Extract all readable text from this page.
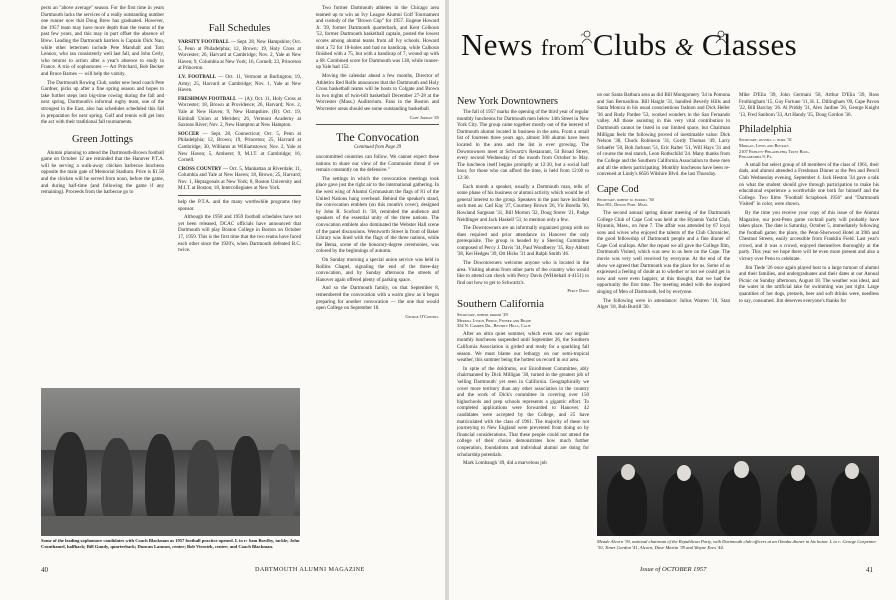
pects an "above average" season. For the first time in years Dartmouth lacks the services of a really outstanding number one runner now that Doug Brew has graduated. However, the 1957 team may have more depth than the teams of the past few years, and this may in part offset the absence of Brew. Leading the Dartmouth harriers is Captain Dick Nau, while other lettermen include Pete Marshall and Tom Lennox, who ran consistently well last fall, and John Cerly, who returns to action after a year's absence to study in France. A trio of sophomores — Art Pritchard, Bob Becker and Bruce Barnes — will help the varsity.

The Dartmouth Rowing Club, under new head coach Pete Gardner, picks up after a fine spring season and hopes to take further steps into big-time rowing during the fall and next spring. Dartmouth's informal rugby team, one of the strongest in the East, also has schedules scheduled this fall in preparation for next spring. Golf and tennis will get into the act with their traditional fall tournaments.

Green Jottings

Alumni planning to attend the Dartmouth-Brown football game on October 12 are reminded that the Hanover P.T.A. will be serving a walk-away chicken barbecue luncheon opposite the main gate of Memorial Stadium. Price is $1.50 and the chicken will be served from noon, before the game, and during half-time (and following the game if any remaining). Proceeds from the barbecue go to

Fall Schedules

VARSITY FOOTBALL — Sept. 28, New Hampshire; Oct. 5, Penn at Philadelphia; 12, Brown; 19, Holy Cross at Worcester; 26, Harvard at Cambridge; Nov. 2, Yale at New Haven; 9, Columbia at New York; 16, Cornell; 23, Princeton at Princeton.

J.V. FOOTBALL — Oct. 11, Vermont at Burlington; 19, Army; 25, Harvard at Cambridge; Nov. 1, Yale at New Haven.

FRESHMAN FOOTBALL — (A): Oct. 11, Holy Cross at Worcester; 18, Brown at Providence; 26, Harvard; Nov. 2, Yale at New Haven; 9, New Hampshire. (B): Oct. 19, Kimball Union at Meriden; 26, Vermont Academy at Saxtons River; Nov. 2, New Hampton at New Hampton.

SOCCER — Sept. 28, Connecticut; Oct. 5, Penn at Philadelphia; 12, Brown; 19, Princeton; 25, Harvard at Cambridge; 30, Williams at Williamstown; Nov. 2, Yale at New Haven; 5, Amherst; 9, M.I.T. at Cambridge; 16, Cornell.

CROSS COUNTRY — Oct. 5, Manhattan at Riverdale; 11, Columbia and Yale at New Haven; 18, Brown; 25, Harvard; Nov. 1, Heptagonals at New York; 8, Boston University and M.I.T. at Boston; 18, Intercollegiates at New York.

help the P.T.A. and the many worthwhile programs they sponsor.

Although the 1958 and 1959 football schedules have not yet been released, DCAC officials have announced that Dartmouth will play Boston College in Boston on October 17, 1959. This is the first time that the two teams have faced each other since the 1920's, when Dartmouth defeated B.C. twice.

Two former Dartmouth athletes in the Chicago area teamed up to win an Ivy League Alumni Golf Tournament and custody of the "Brown Cup" for 1957. Eugene Howard Jr. '39, former Dartmouth quarterback, and Kent Colhoun '52, former Dartmouth basketball captain, posted the lowest scores among alumni teams from all Ivy schools. Howard shot a 72 for 18-holes and had no handicap, while Calhoun finished with a 75, but with a handicap of 7, wound up with a 68. Combined score for Dartmouth was 138, while runner-up Yale had 152.

Moving the calendar ahead a few months, Director of Athletics Red Rolfe announces that the Dartmouth and Holy Cross basketball teams will be hosts to Colgate and Brown in two nights of twin-bill basketball December 27-28 at the Worcester (Mass.) Auditorium. Fans in the Boston and Worcester areas should see some outstanding basketball.

Cliff Jordan '45
The Convocation
Continued from Page 29

uncommitted countries can follow. We cannot expect these nations to share our view of the Communist threat if we remain constantly on the defensive."

The settings in which the convocation meetings took place gave just the right air to the international gathering. In the west wing of Alumni Gymnasium the flags of 81 of the United Nations hung overhead. Behind the speaker's stand, the convocation emblem (on this month's cover), designed by John R. Scoford Jr. '38, reminded the audience and speakers of the essential unity of the three nations. The convocation emblem also dominated the Webster Hall scene of the panel discussions. Wentworth Street in front of Baker Library was lined with the flags of the three nations, while the Bema, scene of the honorary-degree ceremonies, was colored by the beginnings of autumn.

On Sunday morning a special union service was held in Rollins Chapel, signaling the end of the three-day convocation, and by Sunday afternoon the streets of Hanover again offered plenty of parking space.

And so the Dartmouth family, on that September 8, remembered the convocation with a warm glow as it began preparing for another convocation — the one that would open College on September 18.

George O'Connell
Some of the leading sophomore candidates with Coach Blackman as 1957 football practice opened. L to r: Sam Bowlby, tackle; John Crouthamel, halfback; Bill Gundy, quarterback; Duncan Lamson, center; Bob Virostek, center; and Coach Blackman.
40	DARTMOUTH ALUMNI MAGAZINE
News from Clubs & Classes
New York Downtowners

The fall of 1957 marks the opening of the third year of regular monthly luncheons for Dartmouth men below 14th Street in New York City. The group came together mostly out of the interest of Dartmouth alumni located in business in the area. From a small list of fourteen three years ago, almost 300 alumni have been located in the area and the list is ever growing. The Downtowners meet at Schwartz's Restaurant, 54 Broad Street, every second Wednesday of the month from October to May. The luncheon itself begins promptly at 12:30, but a social half hour, for those who can afford the time, is held from 12:00 to 12:30.

Each month a speaker, usually a Dartmouth man, tells of some phase of his business or alumni activity which would be of general interest to the group. Speakers in the past have included such men as: Carl Kay '27, Courtney Brown '26, Vic Borella '30, Rowland Sargeant '31, Bill Morton '32, Doug Storer '21, Padge Neidlinger and Jack Haskell '51, to mention only a few.

The Downtowners are an informally organized group with no dues required and prior attendance in Hanover the only prerequisite. The group is headed by a Steering Committee composed of Percy J. Davis '34, Paul Woodberry '35, Roy Abbott '38, Kei Hedges '39, Ott Hicks '31 and Ralph Smith '46.

The Downtowners welcome anyone who is located in the area. Visiting alumni from other parts of the country who would like to attend can check with Percy Davis (WHitehall 4-4151) to find out how to get to Schwartz's.

Percy Davis
Southern California
Secretary, robert parker '29
Merrill Lynch, Pierce, Fenner and Beane
354 N. Camden Dr., Beverly Hills, Calif.

After an ultra quiet summer, which even saw our regular monthly luncheons suspended until September 26, the Southern California Association is girded and ready for a sparkling fall season. We must blame our lethargy on our semi-tropical weather, this summer being the hottest on record in our area.

In spite of the doldrums, our Enrollment Committee, ably chairmanned by Dick Milligan '30, turned in the greatest job of 'selling Dartmouth' yet seen in California. Geographically we cover more territory than any other association in the country and the work of Dick's committee in covering over 150 highschools and prep schools represents a gigantic effort. To completed applications were forwarded to Hanover. 42 candidates were accepted by the College, and 25 have matriculated with the class of 1961. The majority of these not journeying to New England were prevented from doing so by financial considerations. That these people could not attend the college of their choice demonstrates how much further cooperation, foundations and individual alumni are doing for scholarship potentials.

Mark Lombaugh '49, did a marvelous job

on our Santa Barbara area as did Bill Montgomery '34 in Pomona and San Bernardino. Bill Haight '31, handled Beverly Hills and Santa Monica in his usual conscientious fashion and Dick Heller '36 and Rudy Pardee '53, worked wonders in the San Fernando valley. All those assisting in this very vital contribution to Dartmouth cannot be listed in our limited space, but Chairman Milligan feels the following proved of inestimable value: Dick Nelson '38, Chuck Robinson '31, Gordy Thomas '49, Larry Schaefer '50, Bob Jackson '51, Eric Ralter '51, Will Hays '31 and of course the real stanch, Leon Rothschild '24. Many thanks from the College and the Southern California Association to these men and all the others participating. Monthly luncheons have been re-convened at Lindy's 6656 Wilshire Blvd. the last Thursday.

Cape Cod
Secretary, robert m. burrill '30
Box 851, Dennis Port, Mass.

The second annual spring dinner meeting of the Dartmouth College Club of Cape Cod was held at the Hyannis Yacht Club, Hyannis, Mass., on June 7. The affair was attended by 67 loyal sons and wives who enjoyed the talents of the Club Chronicler, the good fellowship of Dartmouth people and a fine dinner of Cape Cod scallops. After the repast we all gave the College film, Dartmouth Visited, which was new to us here on the Cape. The movie was very well received by everyone. At the end of the show we agreed that Dartmouth was the place for us. Some of us expressed a feeling of doubt as to whether or not we could get in now and were even happier, at this thought, that we had the opportunity the first time. The meeting ended with the inspired singing of Men of Dartmouth, led by everyone.

The following were in attendance: Julius Warren '10, Stan Alger '18, Bob Burrill '30.

Mike D'Elia '39, John Germani '58, Arthur D'Elia '39, Ross Frothingham '15, Guy Fortune '11, H. L. Dillingham '09, Cape Pavon '22, Bill Barclay '26. Al Priddy '31, Alex Jardine '26, George Knight '13, Fred Sanborn '33, Art Handy '35, Doug Gordon '36.

Philadelphia
Secretary, russell c. burk '31
Morgan, Lewis and Bockius
2107 Fidelity-Philadelphia Trust Bldg.
Philadelphia 9, Pa.

A small but select group of 48 members of the class of 1961, their dads, and alumni attended a Freshman Dinner at the Pen and Pencil Club Wednesday evening, September 4. Jack Heston '34 gave a talk on what the student should give through participation to make his educational experience a worthwhile one both for himself and the College. Two films "Football Scrapbook 1956" and "Dartmouth Visited" in color, were shown.

By the time you receive your copy of this issue of the Alumni Magazine, our post-Penn game cocktail party will probably have taken place. The date is Saturday, October 5, immediately following the football game; the place, the Penn-Sherwood Hotel at 39th and Chestnut Streets, easily accessible from Franklin Field. Last year's crowd, and it was a crowd, enjoyed themselves thoroughly at the party. This year we hope there will be even more present and also a victory over Penn to celebrate.

Jim Tiede '26 once again played host to a large turnout of alumni and their families, and undergraduates and their dates at our Annual Picnic on Sunday afternoon, August 18. The weather was ideal, and the water in the artificial lake for swimming was just right. Large quantities of hot dogs, pretzels, beer and soft drinks were, needless to say, consumed. Jim deserves everyone's thanks for

Meade Alcorn '30, national chairman of the Republican Party, with Dartmouth club officers at an Omaha dinner in his honor. L to r: George Carpenter '30, Timer Gordon '41, Alcorn, Dave Martin '39 and Wayne Eves '44.
Issue of OCTOBER 1957	41
